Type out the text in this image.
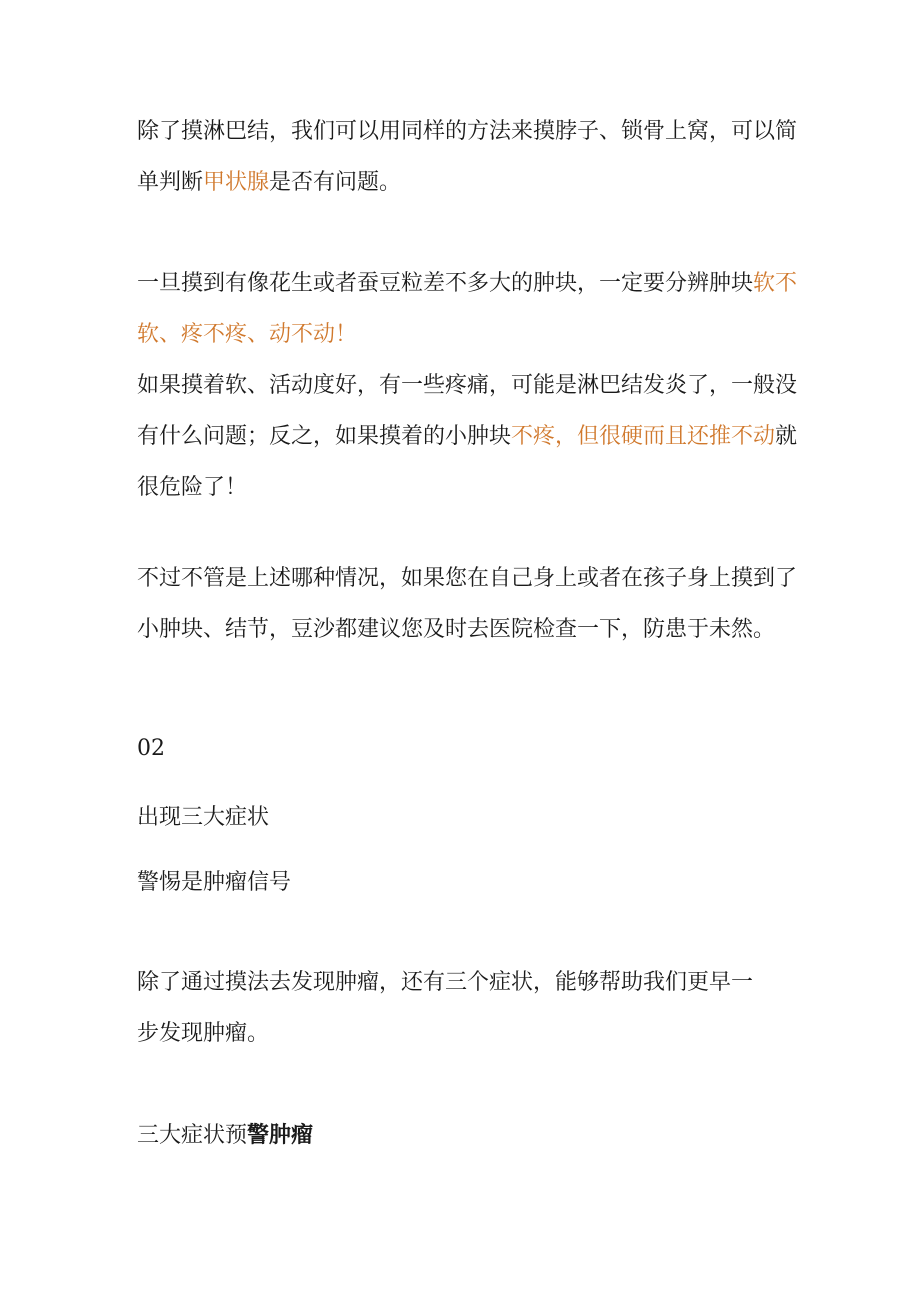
除了摸淋巴结，我们可以用同样的方法来摸脖子、锁骨上窝，可以简
单判断甲状腺是否有问题。

一旦摸到有像花生或者蚕豆粒差不多大的肿块，一定要分辨肿块软不
软、疼不疼、动不动！

如果摸着软、活动度好，有一些疼痛，可能是淋巴结发炎了，一般没
有什么问题；反之，如果摸着的小肿块不疼，但很硬而且还推不动就
很危险了！

不过不管是上述哪种情况，如果您在自己身上或者在孩子身上摸到了
小肿块、结节，豆沙都建议您及时去医院检查一下，防患于未然。

02

出现三大症状

警惕是肿瘤信号

除了通过摸法去发现肿瘤，还有三个症状，能够帮助我们更早一
步发现肿瘤。

三大症状预警肿瘤
